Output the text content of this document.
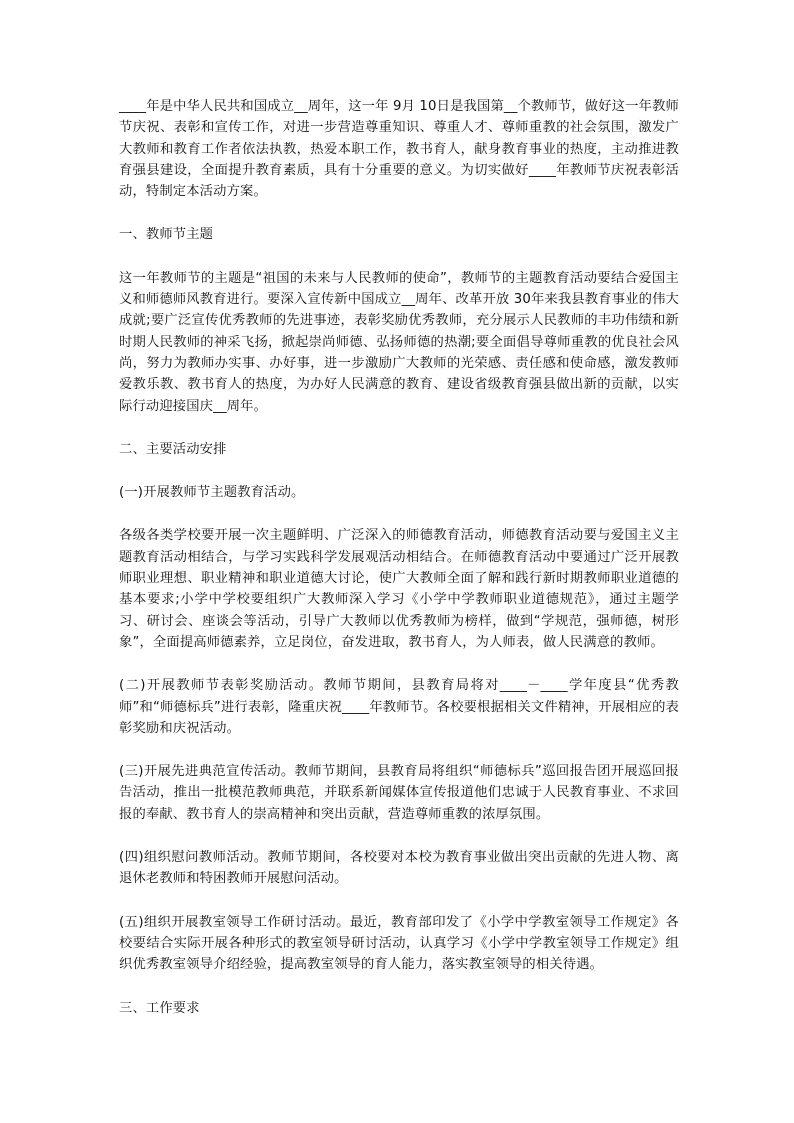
____年是中华人民共和国成立__周年，这一年 9月 10日是我国第__个教师节，做好这一年教师节庆祝、表彰和宣传工作，对进一步营造尊重知识、尊重人才、尊师重教的社会氛围，激发广大教师和教育工作者依法执教，热爱本职工作，教书育人，献身教育事业的热度，主动推进教育强县建设，全面提升教育素质，具有十分重要的意义。为切实做好____年教师节庆祝表彰活动，特制定本活动方案。

一、教师节主题

这一年教师节的主题是“祖国的未来与人民教师的使命”，教师节的主题教育活动要结合爱国主义和师德师风教育进行。要深入宣传新中国成立__周年、改革开放 30年来我县教育事业的伟大成就;要广泛宣传优秀教师的先进事迹，表彰奖励优秀教师，充分展示人民教师的丰功伟绩和新时期人民教师的神采飞扬，掀起崇尚师德、弘扬师德的热潮;要全面倡导尊师重教的优良社会风尚，努力为教师办实事、办好事，进一步激励广大教师的光荣感、责任感和使命感，激发教师爱教乐教、教书育人的热度，为办好人民满意的教育、建设省级教育强县做出新的贡献，以实际行动迎接国庆__周年。

二、主要活动安排

(一)开展教师节主题教育活动。

各级各类学校要开展一次主题鲜明、广泛深入的师德教育活动，师德教育活动要与爱国主义主题教育活动相结合，与学习实践科学发展观活动相结合。在师德教育活动中要通过广泛开展教师职业理想、职业精神和职业道德大讨论，使广大教师全面了解和践行新时期教师职业道德的基本要求;小学中学校要组织广大教师深入学习《小学中学教师职业道德规范》，通过主题学习、研讨会、座谈会等活动，引导广大教师以优秀教师为榜样，做到“学规范，强师德，树形象”，全面提高师德素养，立足岗位，奋发进取，教书育人，为人师表，做人民满意的教师。

(二)开展教师节表彰奖励活动。教师节期间，县教育局将对____－____学年度县“优秀教师”和“师德标兵”进行表彰，隆重庆祝____年教师节。各校要根据相关文件精神，开展相应的表彰奖励和庆祝活动。

(三)开展先进典范宣传活动。教师节期间，县教育局将组织“师德标兵”巡回报告团开展巡回报告活动，推出一批模范教师典范，并联系新闻媒体宣传报道他们忠诚于人民教育事业、不求回报的奉献、教书育人的崇高精神和突出贡献，营造尊师重教的浓厚氛围。

(四)组织慰问教师活动。教师节期间，各校要对本校为教育事业做出突出贡献的先进人物、离退休老教师和特困教师开展慰问活动。

(五)组织开展教室领导工作研讨活动。最近，教育部印发了《小学中学教室领导工作规定》各校要结合实际开展各种形式的教室领导研讨活动，认真学习《小学中学教室领导工作规定》组织优秀教室领导介绍经验，提高教室领导的育人能力，落实教室领导的相关待遇。

三、工作要求
